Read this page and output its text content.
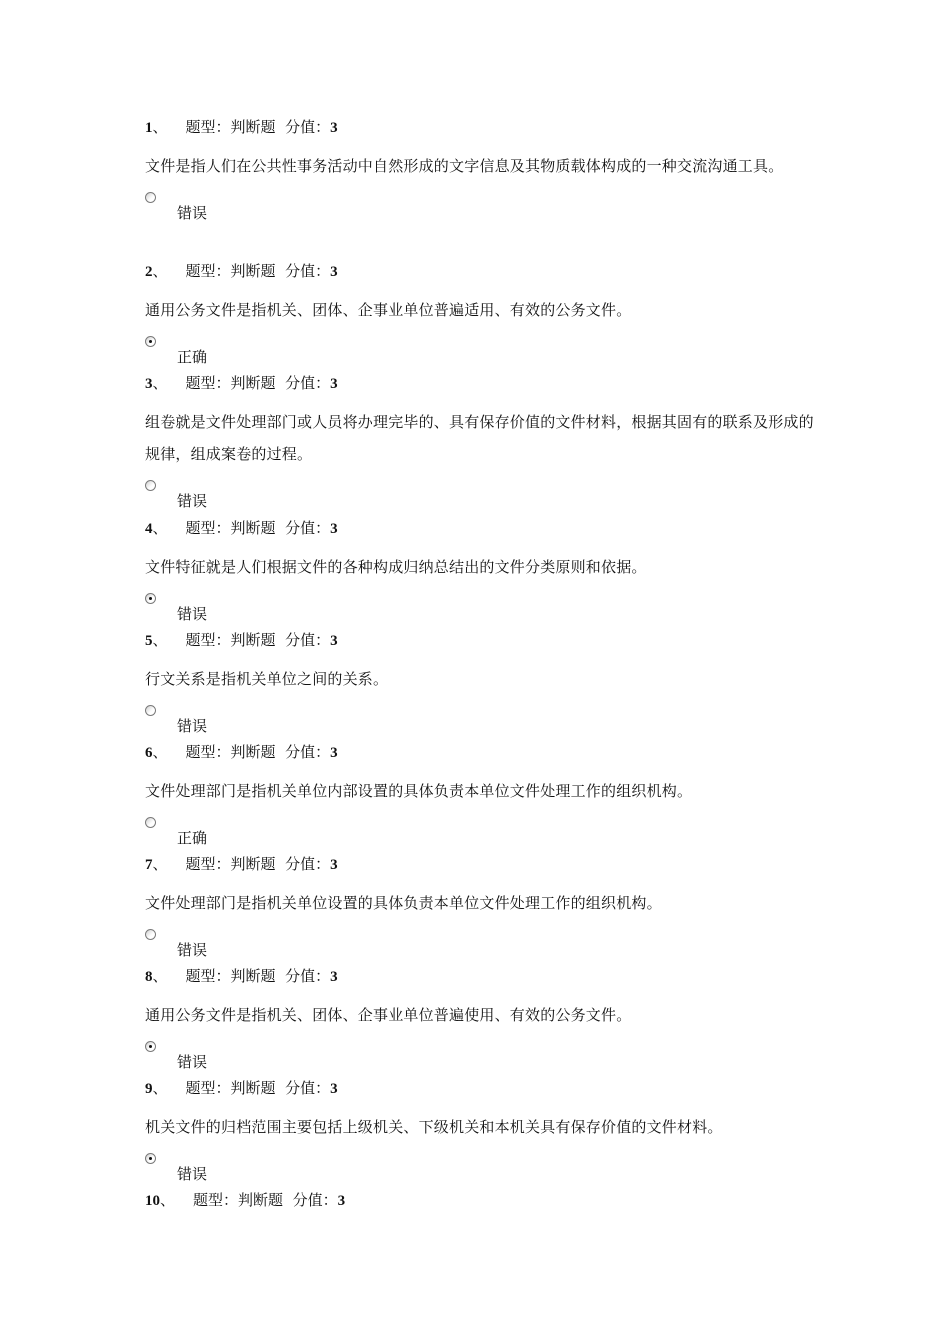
1、 题型：判断题 分值：3
文件是指人们在公共性事务活动中自然形成的文字信息及其物质载体构成的一种交流沟通工具。
错误
2、 题型：判断题 分值：3
通用公务文件是指机关、团体、企事业单位普遍适用、有效的公务文件。
正确
3、 题型：判断题 分值：3
组卷就是文件处理部门或人员将办理完毕的、具有保存价值的文件材料，根据其固有的联系及形成的规律，组成案卷的过程。
错误
4、 题型：判断题 分值：3
文件特征就是人们根据文件的各种构成归纳总结出的文件分类原则和依据。
错误
5、 题型：判断题 分值：3
行文关系是指机关单位之间的关系。
错误
6、 题型：判断题 分值：3
文件处理部门是指机关单位内部设置的具体负责本单位文件处理工作的组织机构。
正确
7、 题型：判断题 分值：3
文件处理部门是指机关单位设置的具体负责本单位文件处理工作的组织机构。
错误
8、 题型：判断题 分值：3
通用公务文件是指机关、团体、企事业单位普遍使用、有效的公务文件。
错误
9、 题型：判断题 分值：3
机关文件的归档范围主要包括上级机关、下级机关和本机关具有保存价值的文件材料。
错误
10、 题型：判断题 分值：3
